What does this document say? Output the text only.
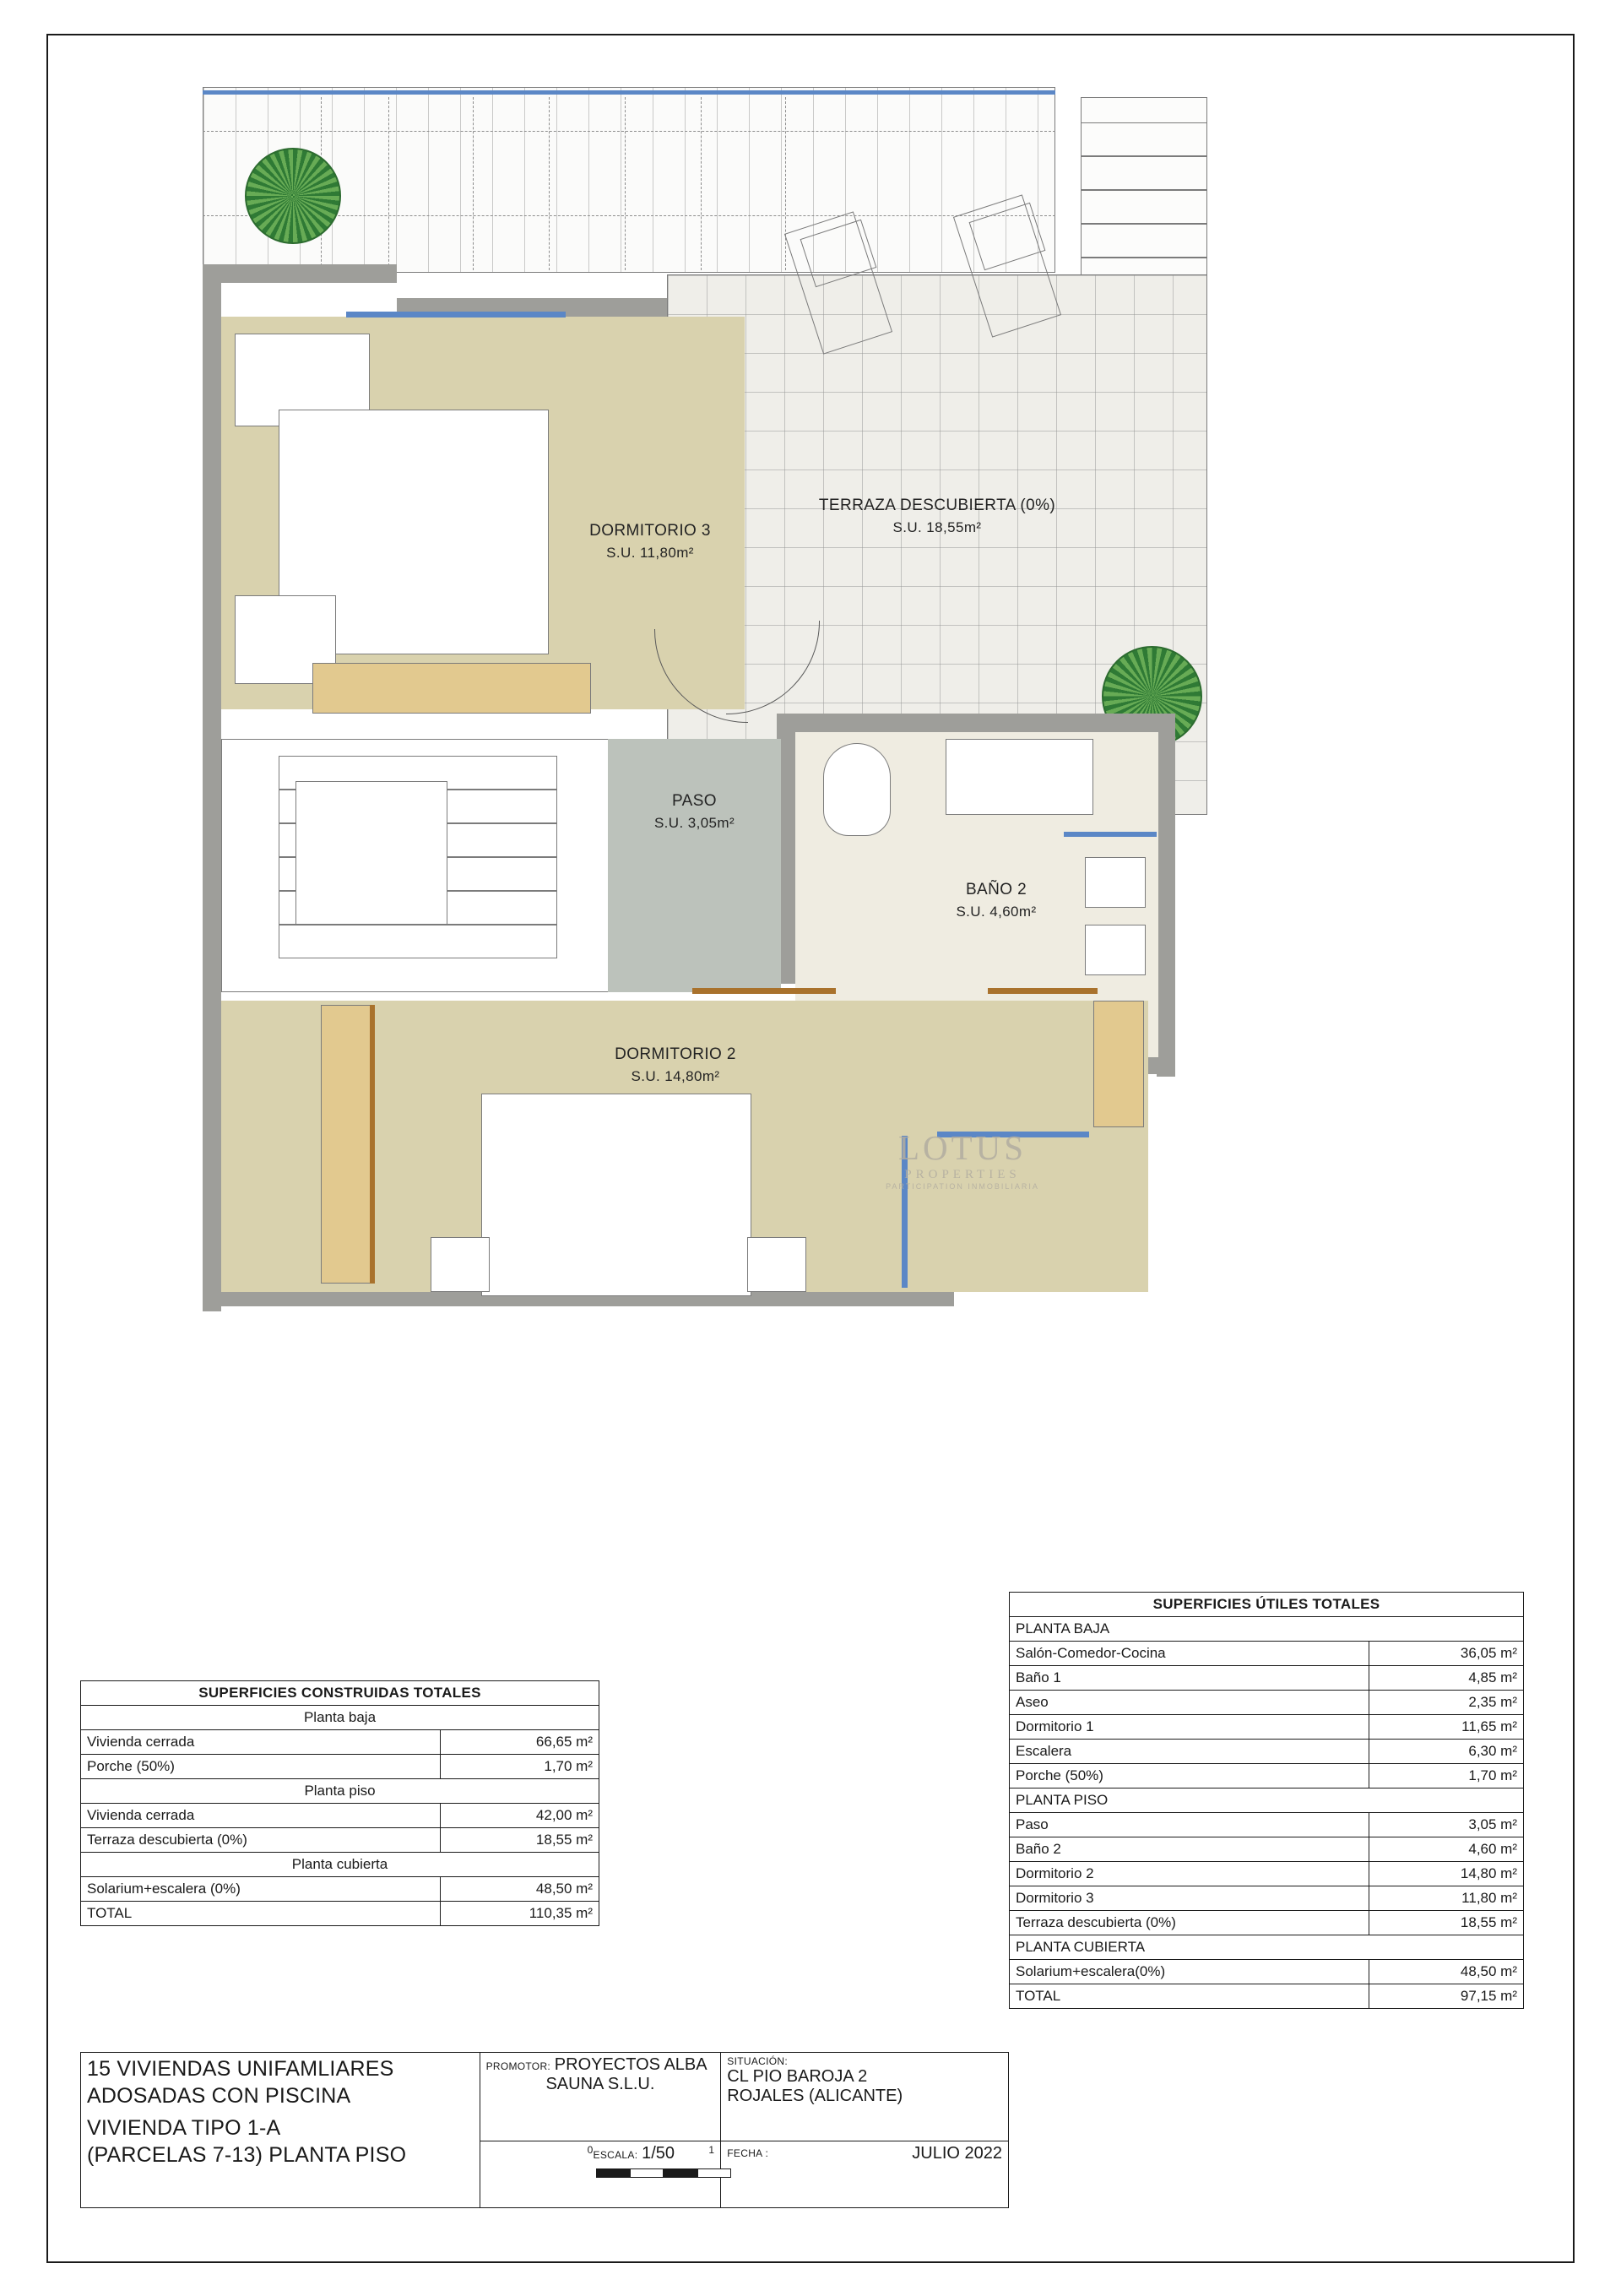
TERRAZA DESCUBIERTA (0%)
S.U. 18,55m²
DORMITORIO 3
S.U. 11,80m²
PASO
S.U. 3,05m²
BAÑO 2
S.U. 4,60m²
DORMITORIO 2
S.U. 14,80m²
LOTUS
PROPERTIES
PARTICIPATION INMOBILIARIA
SUPERFICIES CONSTRUIDAS TOTALES	
Planta baja	
Vivienda cerrada	66,65 m²
Porche (50%)	1,70 m²
Planta piso	
Vivienda cerrada	42,00 m²
Terraza descubierta (0%)	18,55 m²
Planta cubierta	
Solarium+escalera (0%)	48,50 m²
TOTAL	110,35 m²
SUPERFICIES ÚTILES TOTALES	
PLANTA BAJA	
Salón-Comedor-Cocina	36,05 m²
Baño 1	4,85 m²
Aseo	2,35 m²
Dormitorio 1	11,65 m²
Escalera	6,30 m²
Porche (50%)	1,70 m²
PLANTA PISO	
Paso	3,05 m²
Baño 2	4,60 m²
Dormitorio 2	14,80 m²
Dormitorio 3	11,80 m²
Terraza descubierta (0%)	18,55 m²
PLANTA CUBIERTA	
Solarium+escalera(0%)	48,50 m²
TOTAL	97,15 m²
15 VIVIENDAS UNIFAMLIARES
ADOSADAS CON PISCINA
VIVIENDA TIPO 1-A
(PARCELAS 7-13) PLANTA PISO
	PROMOTOR: PROYECTOS ALBA
SAUNA S.L.U.

SITUACIÓN:
CL PIO BAROJA 2
ROJALES (ALICANTE)

	ESCALA: 1/50
0 1	FECHA : JULIO 2022
